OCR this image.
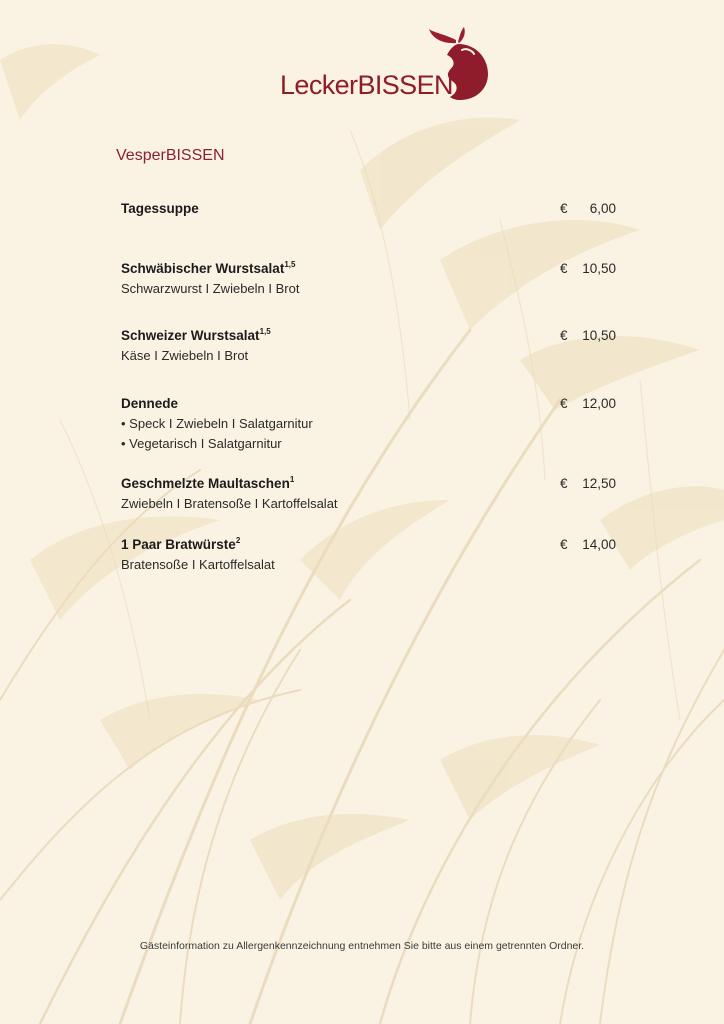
LeckerBISSEN
VesperBISSEN
Tagessuppe	€ 6,00
Schwäbischer Wurstsalat$^{1,5}$
Schwarzwurst I Zwiebeln I Brot
€ 10,50
Schweizer Wurstsalat$^{1,5}$
Käse I Zwiebeln I Brot
€ 10,50
Dennede
• Speck I Zwiebeln I Salatgarnitur
• Vegetarisch I Salatgarnitur
€ 12,00
Geschmelzte Maultaschen$^1$
Zwiebeln I Bratensoße I Kartoffelsalat
€ 12,50
1 Paar Bratwürste$^2$
Bratensoße I Kartoffelsalat
€ 14,00
Gästeinformation zu Allergenkennzeichnung entnehmen Sie bitte aus einem getrennten Ordner.
